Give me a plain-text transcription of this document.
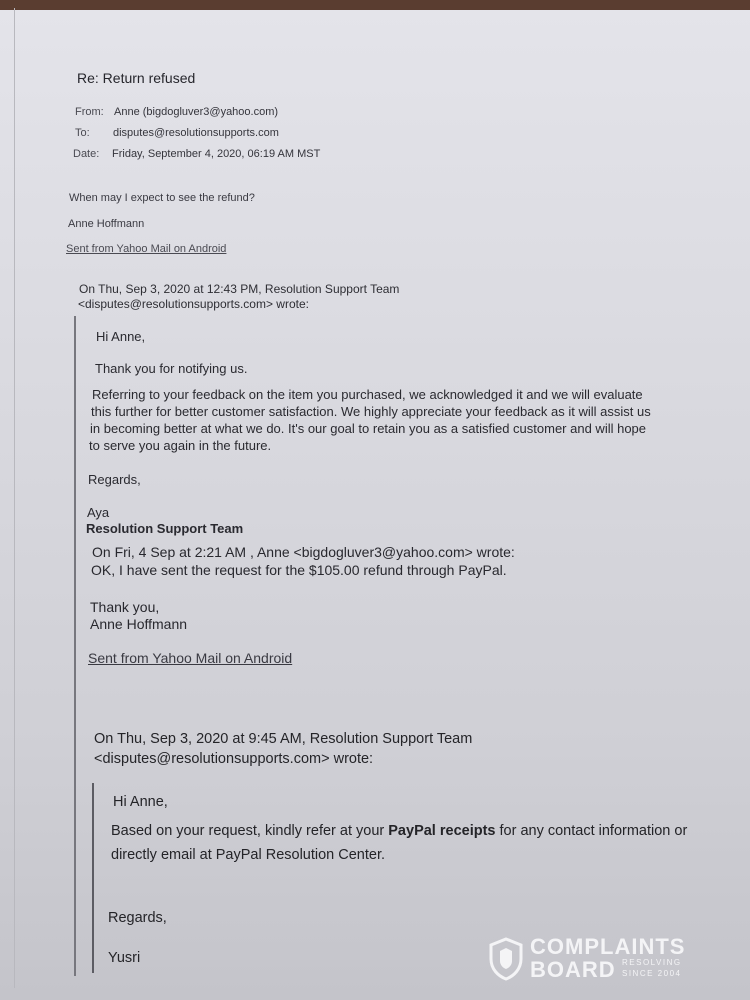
Re: Return refused

From: Anne (bigdogluver3@yahoo.com)

To: disputes@resolutionsupports.com

Date: Friday, September 4, 2020, 06:19 AM MST

When may I expect to see the refund?

Anne Hoffmann

Sent from Yahoo Mail on Android

On Thu, Sep 3, 2020 at 12:43 PM, Resolution Support Team

<disputes@resolutionsupports.com> wrote:

Hi Anne,

Thank you for notifying us.

Referring to your feedback on the item you purchased, we acknowledged it and we will evaluate

this further for better customer satisfaction. We highly appreciate your feedback as it will assist us

in becoming better at what we do. It's our goal to retain you as a satisfied customer and will hope

to serve you again in the future.

Regards,

Aya

Resolution Support Team

On Fri, 4 Sep at 2:21 AM , Anne <bigdogluver3@yahoo.com> wrote:

OK, I have sent the request for the $105.00 refund through PayPal.

Thank you,

Anne Hoffmann

Sent from Yahoo Mail on Android

On Thu, Sep 3, 2020 at 9:45 AM, Resolution Support Team

<disputes@resolutionsupports.com> wrote:

Hi Anne,

Based on your request, kindly refer at your PayPal receipts for any contact information or

directly email at PayPal Resolution Center.

Regards,

Yusri	COMPLAINTS
BOARD RESOLVING
SINCE 2004
